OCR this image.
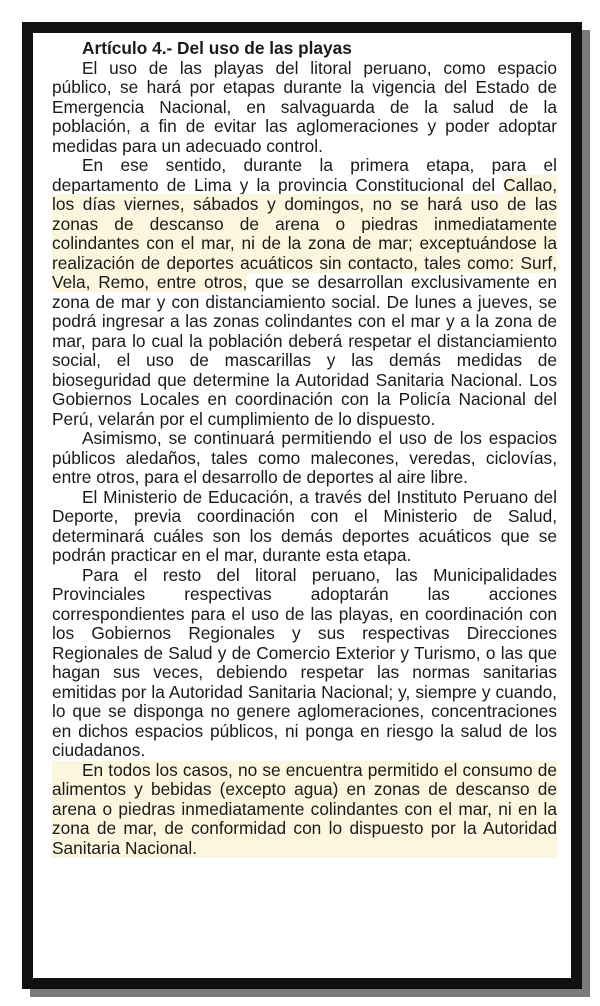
Artículo 4.- Del uso de las playas
El uso de las playas del litoral peruano, como espacio público, se hará por etapas durante la vigencia del Estado de Emergencia Nacional, en salvaguarda de la salud de la población, a fin de evitar las aglomeraciones y poder adoptar medidas para un adecuado control.
En ese sentido, durante la primera etapa, para el departamento de Lima y la provincia Constitucional del Callao, los días viernes, sábados y domingos, no se hará uso de las zonas de descanso de arena o piedras inmediatamente colindantes con el mar, ni de la zona de mar; exceptuándose la realización de deportes acuáticos sin contacto, tales como: Surf, Vela, Remo, entre otros, que se desarrollan exclusivamente en zona de mar y con distanciamiento social. De lunes a jueves, se podrá ingresar a las zonas colindantes con el mar y a la zona de mar, para lo cual la población deberá respetar el distanciamiento social, el uso de mascarillas y las demás medidas de bioseguridad que determine la Autoridad Sanitaria Nacional. Los Gobiernos Locales en coordinación con la Policía Nacional del Perú, velarán por el cumplimiento de lo dispuesto.
Asimismo, se continuará permitiendo el uso de los espacios públicos aledaños, tales como malecones, veredas, ciclovías, entre otros, para el desarrollo de deportes al aire libre.
El Ministerio de Educación, a través del Instituto Peruano del Deporte, previa coordinación con el Ministerio de Salud, determinará cuáles son los demás deportes acuáticos que se podrán practicar en el mar, durante esta etapa.
Para el resto del litoral peruano, las Municipalidades Provinciales respectivas adoptarán las acciones correspondientes para el uso de las playas, en coordinación con los Gobiernos Regionales y sus respectivas Direcciones Regionales de Salud y de Comercio Exterior y Turismo, o las que hagan sus veces, debiendo respetar las normas sanitarias emitidas por la Autoridad Sanitaria Nacional; y, siempre y cuando, lo que se disponga no genere aglomeraciones, concentraciones en dichos espacios públicos, ni ponga en riesgo la salud de los ciudadanos.
En todos los casos, no se encuentra permitido el consumo de alimentos y bebidas (excepto agua) en zonas de descanso de arena o piedras inmediatamente colindantes con el mar, ni en la zona de mar, de conformidad con lo dispuesto por la Autoridad Sanitaria Nacional.
